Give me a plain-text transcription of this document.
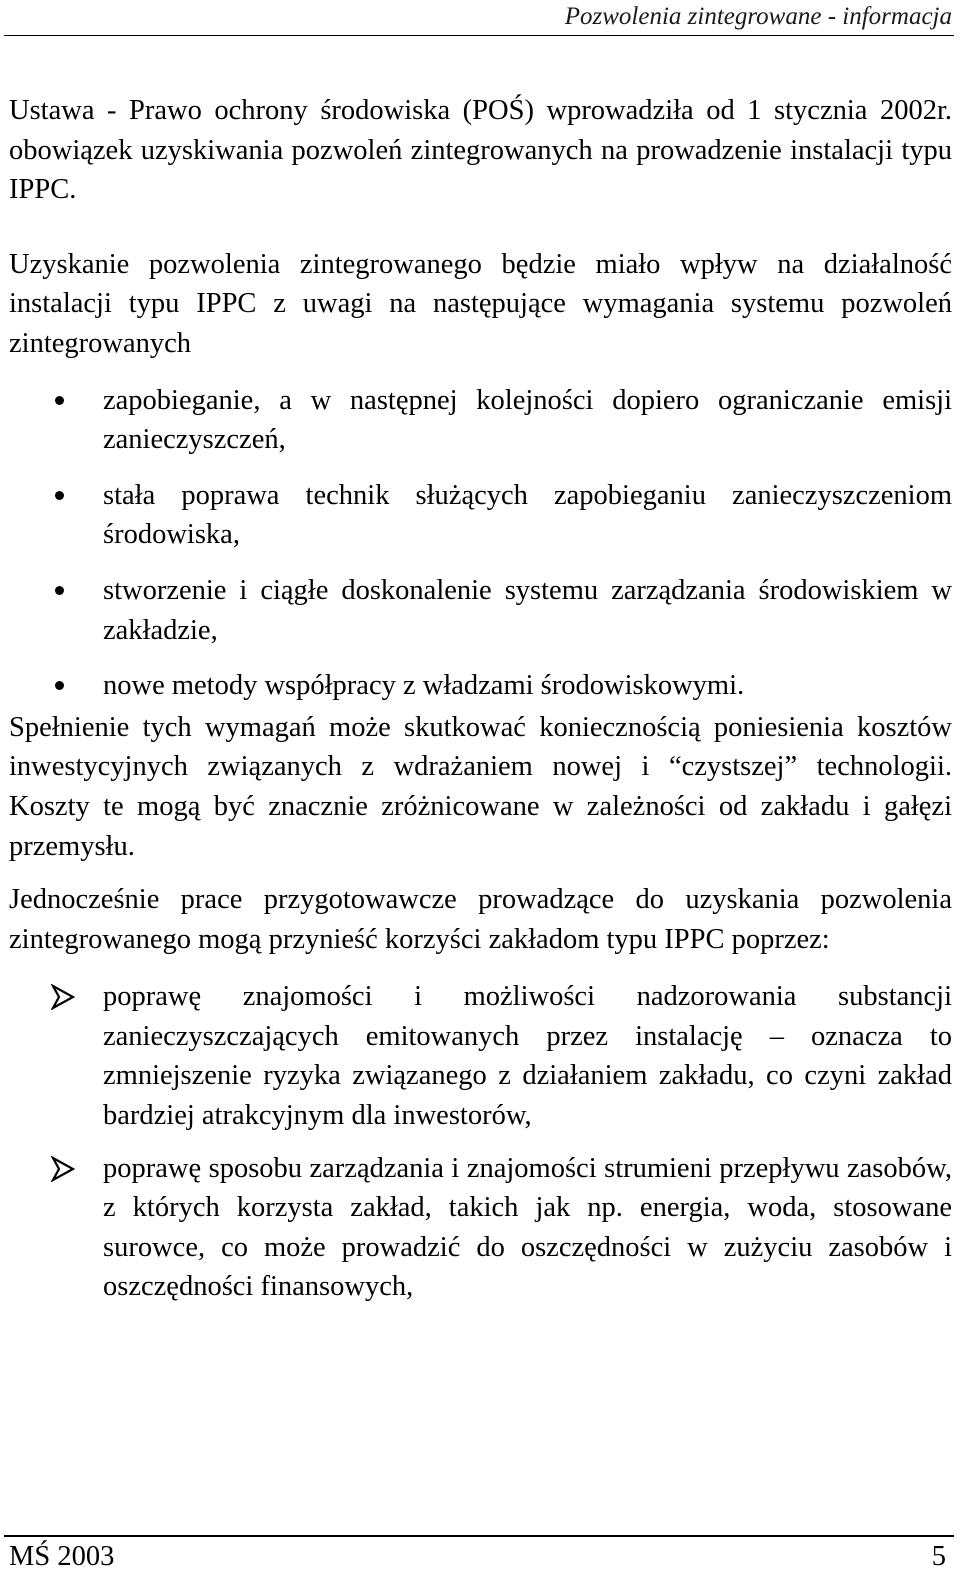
Pozwolenia zintegrowane - informacja

Ustawa - Prawo ochrony środowiska (POŚ) wprowadziła od 1 stycznia 2002r. obowiązek uzyskiwania pozwoleń zintegrowanych na prowadzenie instalacji typu IPPC.

Uzyskanie pozwolenia zintegrowanego będzie miało wpływ na działalność instalacji typu IPPC z uwagi na następujące wymagania systemu pozwoleń zintegrowanych

zapobieganie, a w następnej kolejności dopiero ograniczanie emisji zanieczyszczeń,
stała poprawa technik służących zapobieganiu zanieczyszczeniom środowiska,
stworzenie i ciągłe doskonalenie systemu zarządzania środowiskiem w zakładzie,
nowe metody współpracy z władzami środowiskowymi.

Spełnienie tych wymagań może skutkować koniecznością poniesienia kosztów inwestycyjnych związanych z wdrażaniem nowej i “czystszej” technologii. Koszty te mogą być znacznie zróżnicowane w zależności od zakładu i gałęzi przemysłu.

Jednocześnie prace przygotowawcze prowadzące do uzyskania pozwolenia zintegrowanego mogą przynieść korzyści zakładom typu IPPC poprzez:

poprawę znajomości i możliwości nadzorowania substancji zanieczyszczających emitowanych przez instalację – oznacza to zmniejszenie ryzyka związanego z działaniem zakładu, co czyni zakład bardziej atrakcyjnym dla inwestorów,
poprawę sposobu zarządzania i znajomości strumieni przepływu zasobów, z których korzysta zakład, takich jak np. energia, woda, stosowane surowce, co może prowadzić do oszczędności w zużyciu zasobów i oszczędności finansowych,
MŚ 2003	5
